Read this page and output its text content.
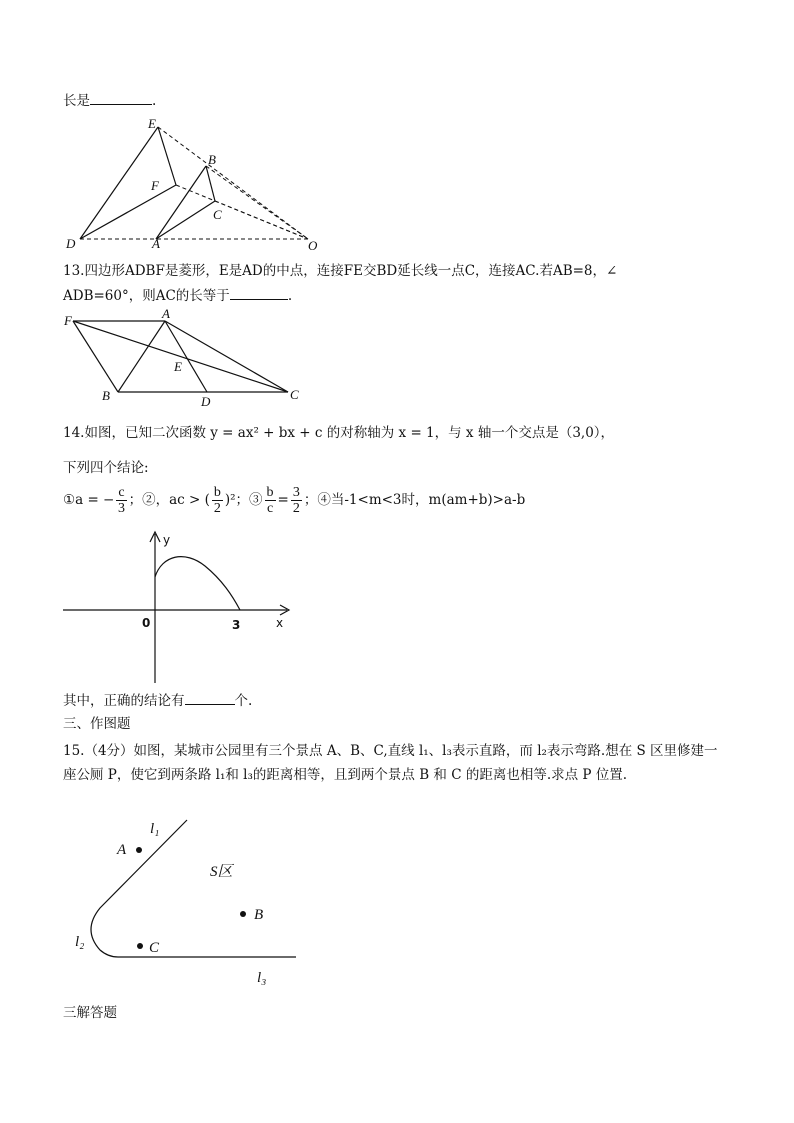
长是	.
E
B
F
C
D	A	O
13.四边形ADBF是菱形，E是AD的中点，连接FE交BD延长线一点C，连接AC.若AB=8，∠
ADB=60°，则AC的长等于	.
F	A
E
B	D	C
14.如图，已知二次函数 y = ax² + bx + c 的对称轴为 x = 1，与 x 轴一个交点是（3,0），
下列四个结论:
①a = − $\frac{c}{3}$ ；②，ac > ( $\frac{b}{2} )^2$；③ $\frac{b}{c} = \frac{3}{2}$ ；④当-1<m<3时，m(am+b)>a-b
y
x
0	3
其中，正确的结论有	个.
三、作图题
15.（4分）如图，某城市公园里有三个景点 A、B、C,直线 l₁、l₃表示直路，而 l₂表示弯路.想在 S 区里修建一
座公厕 P，使它到两条路 l₁和 l₃的距离相等，且到两个景点 B 和 C 的距离也相等.求点 P 位置.
l₁
l₂
l₃
A
B
C
S区
三解答题
